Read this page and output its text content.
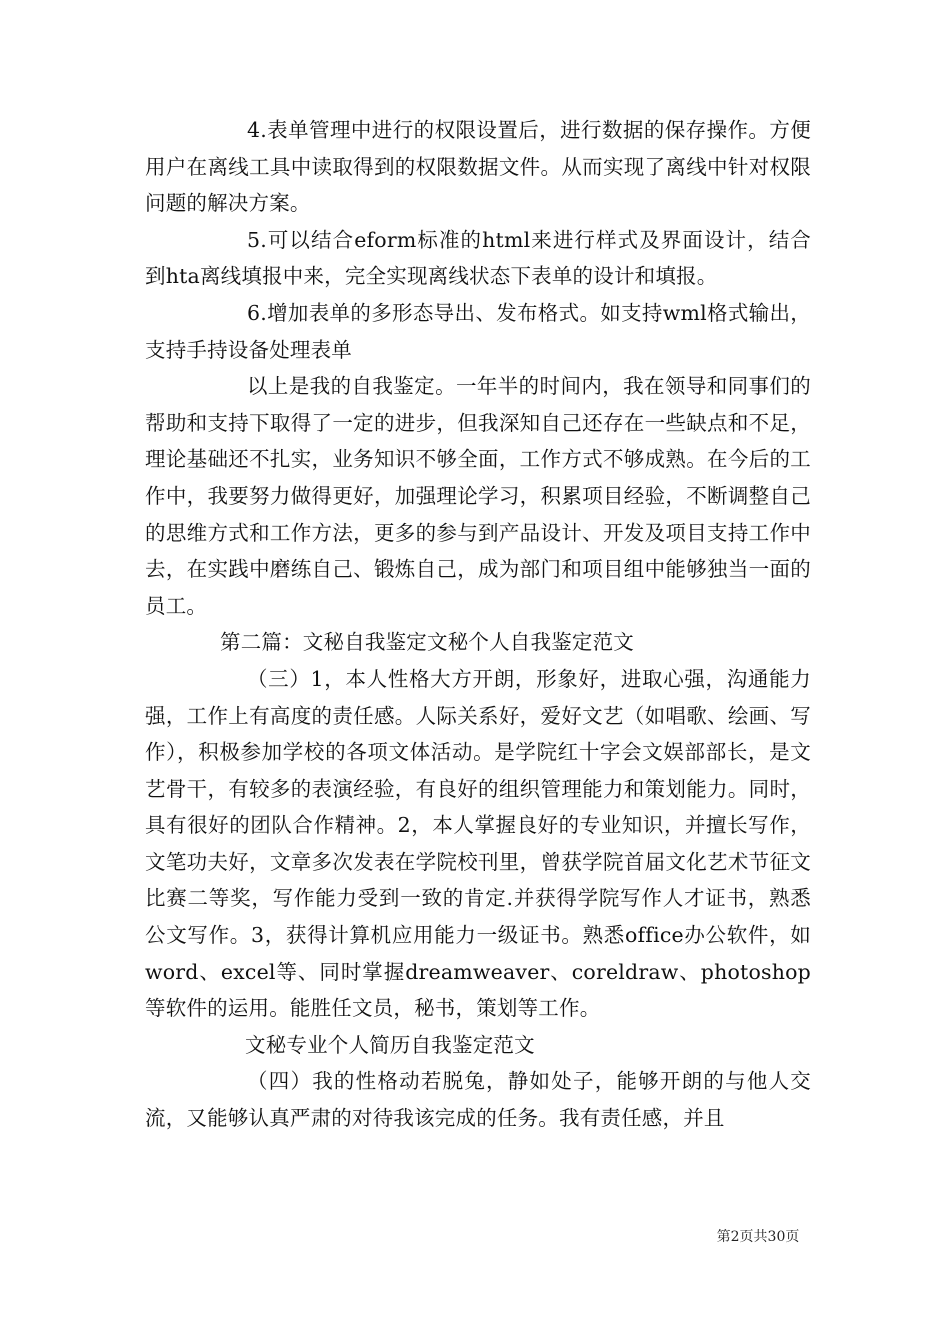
4.表单管理中进行的权限设置后，进行数据的保存操作。方便用户在离线工具中读取得到的权限数据文件。从而实现了离线中针对权限问题的解决方案。

5.可以结合eform标准的html来进行样式及界面设计，结合到hta离线填报中来，完全实现离线状态下表单的设计和填报。

6.增加表单的多形态导出、发布格式。如支持wml格式输出，支持手持设备处理表单

以上是我的自我鉴定。一年半的时间内，我在领导和同事们的帮助和支持下取得了一定的进步，但我深知自己还存在一些缺点和不足，理论基础还不扎实，业务知识不够全面，工作方式不够成熟。在今后的工作中，我要努力做得更好，加强理论学习，积累项目经验，不断调整自己的思维方式和工作方法，更多的参与到产品设计、开发及项目支持工作中去，在实践中磨练自己、锻炼自己，成为部门和项目组中能够独当一面的员工。

第二篇：文秘自我鉴定文秘个人自我鉴定范文

（三）1，本人性格大方开朗，形象好，进取心强，沟通能力强，工作上有高度的责任感。人际关系好，爱好文艺（如唱歌、绘画、写作），积极参加学校的各项文体活动。是学院红十字会文娱部部长，是文艺骨干，有较多的表演经验，有良好的组织管理能力和策划能力。同时，具有很好的团队合作精神。2，本人掌握良好的专业知识，并擅长写作，文笔功夫好，文章多次发表在学院校刊里，曾获学院首届文化艺术节征文比赛二等奖，写作能力受到一致的肯定.并获得学院写作人才证书，熟悉公文写作。3，获得计算机应用能力一级证书。熟悉office办公软件，如word、excel等、同时掌握dreamweaver、coreldraw、photoshop等软件的运用。能胜任文员，秘书，策划等工作。

文秘专业个人简历自我鉴定范文

（四）我的性格动若脱兔，静如处子，能够开朗的与他人交流，又能够认真严肃的对待我该完成的任务。我有责任感，并且

第2页共30页
